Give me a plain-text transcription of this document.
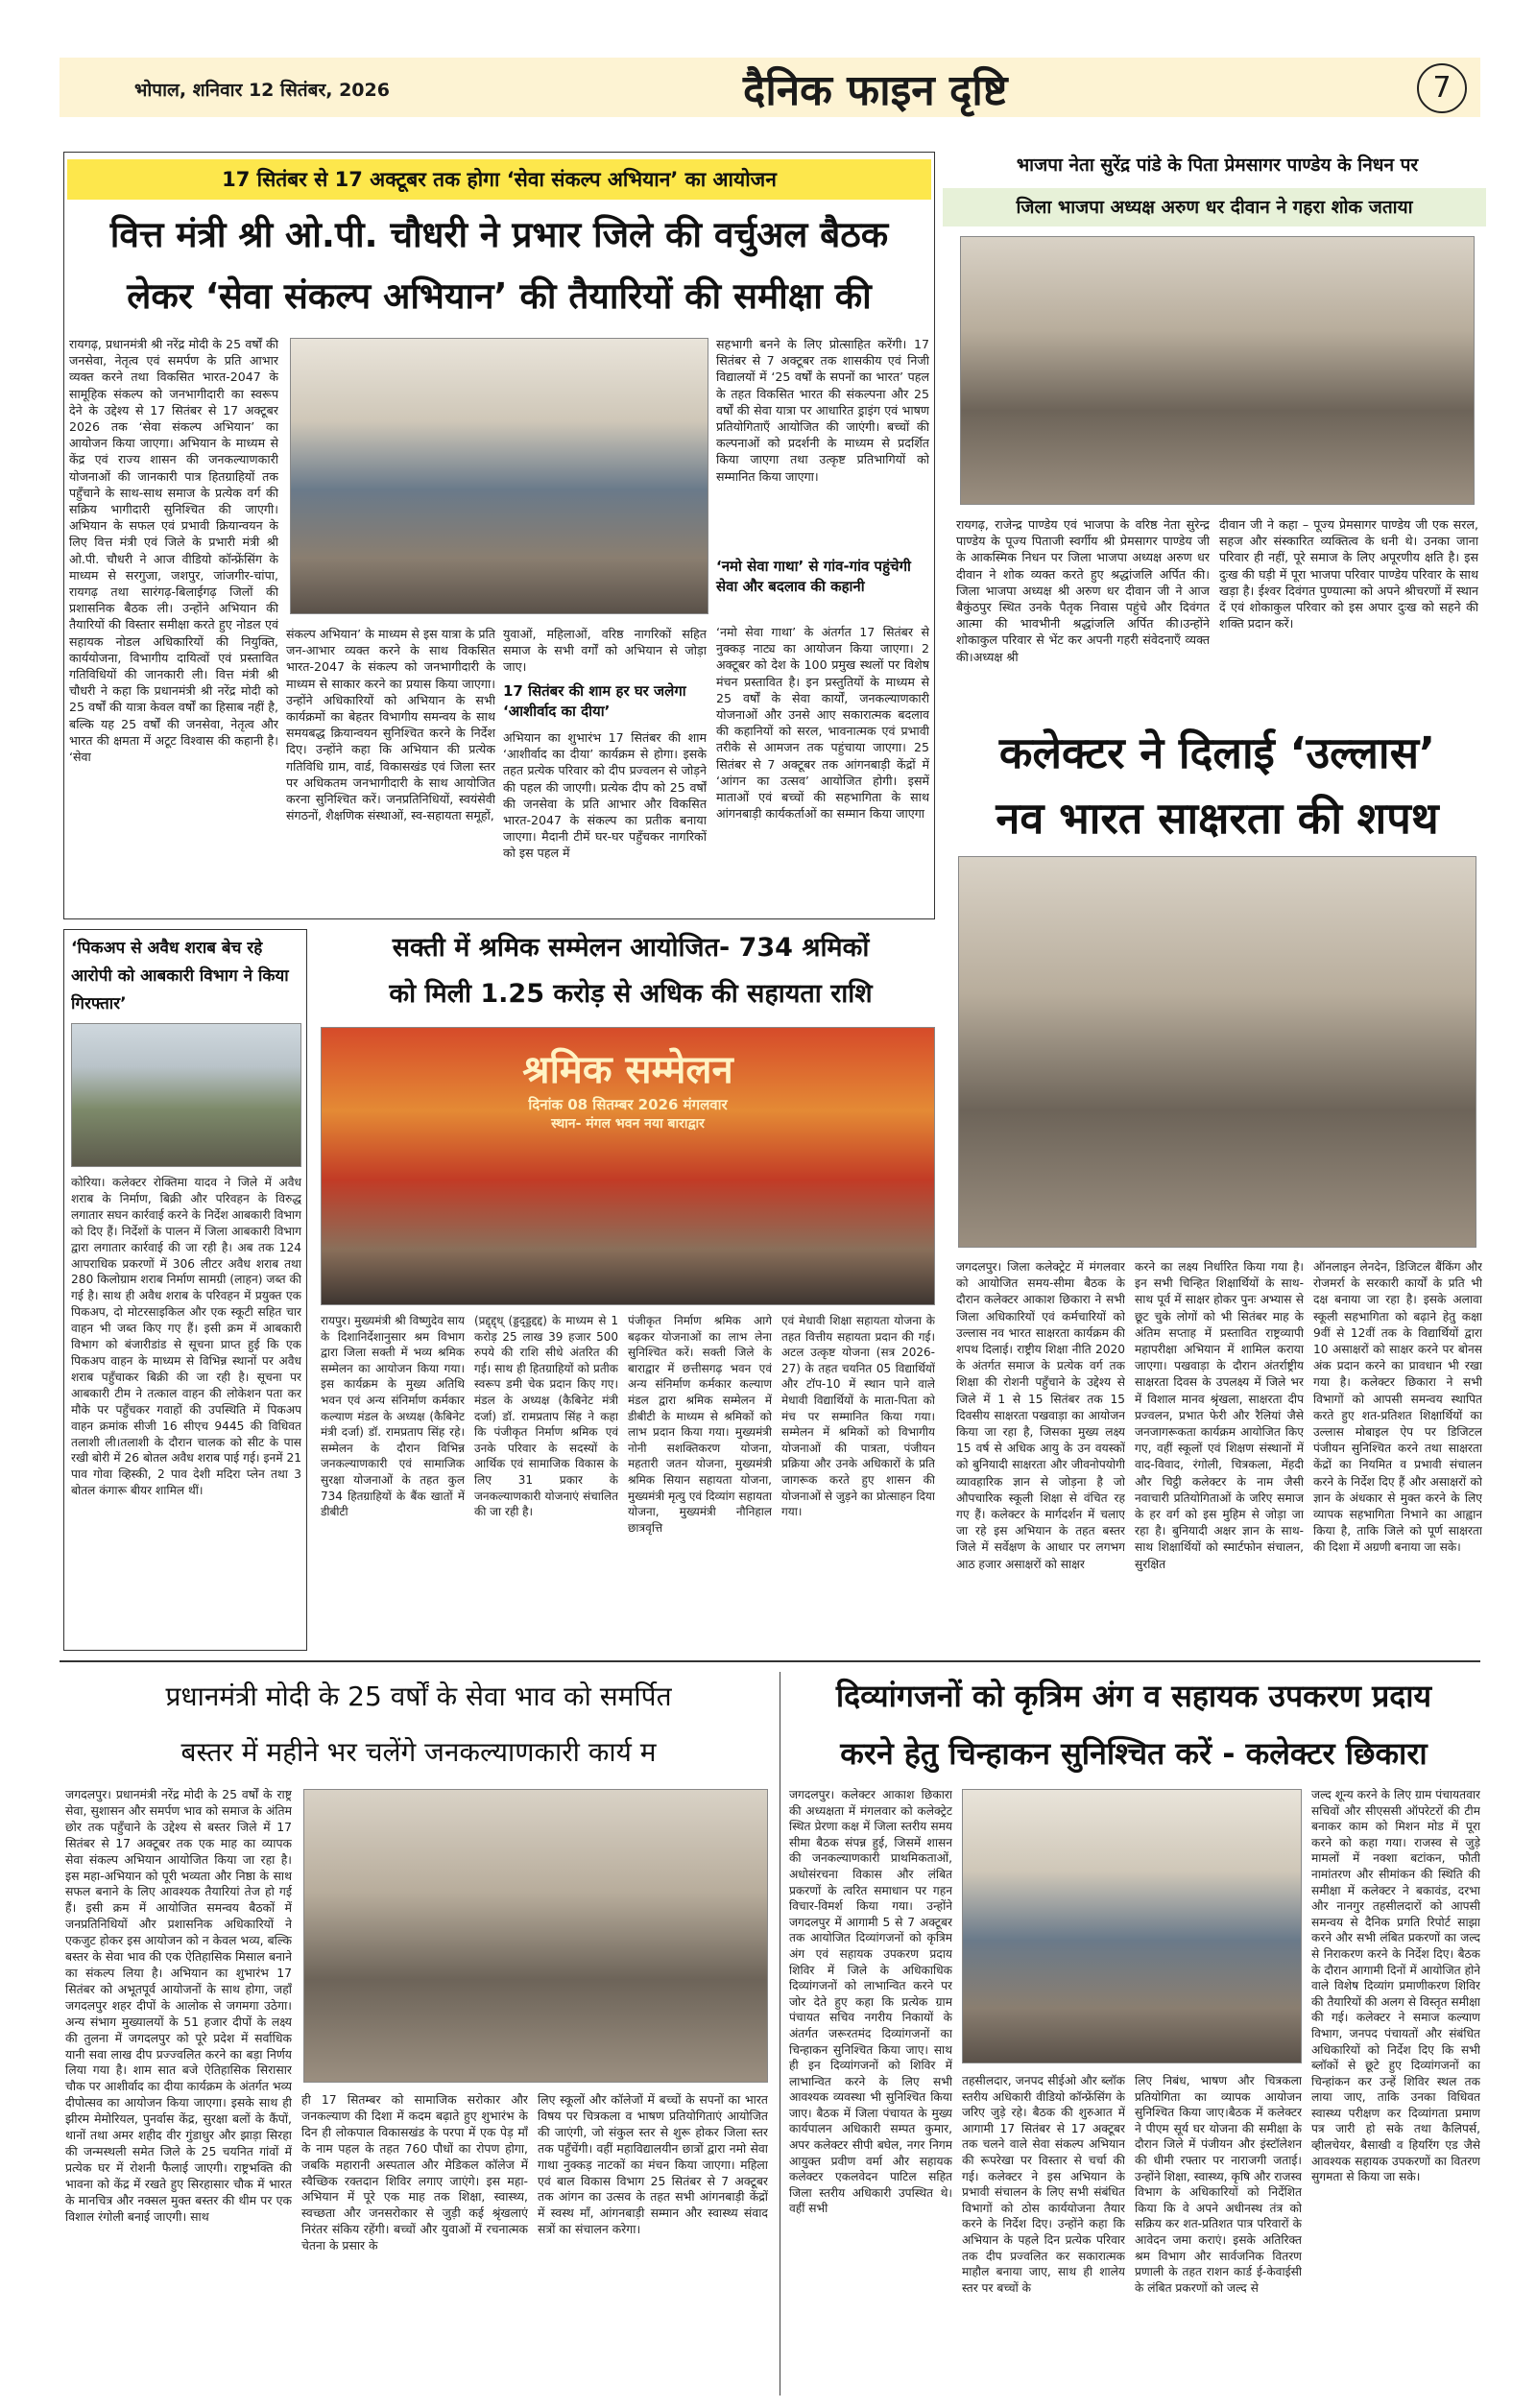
भोपाल, शनिवार 12 सितंबर, 2026	दैनिक फाइन दृष्टि	7
17 सितंबर से 17 अक्टूबर तक होगा ‘सेवा संकल्प अभियान’ का आयोजन
वित्त मंत्री श्री ओ.पी. चौधरी ने प्रभार जिले की वर्चुअल बैठक
लेकर ‘सेवा संकल्प अभियान’ की तैयारियों की समीक्षा की
रायगढ़, प्रधानमंत्री श्री नरेंद्र मोदी के 25 वर्षों की जनसेवा, नेतृत्व एवं समर्पण के प्रति आभार व्यक्त करने तथा विकसित भारत-2047 के सामूहिक संकल्प को जनभागीदारी का स्वरूप देने के उद्देश्य से 17 सितंबर से 17 अक्टूबर 2026 तक ‘सेवा संकल्प अभियान’ का आयोजन किया जाएगा। अभियान के माध्यम से केंद्र एवं राज्य शासन की जनकल्याणकारी योजनाओं की जानकारी पात्र हितग्राहियों तक पहुँचाने के साथ-साथ समाज के प्रत्येक वर्ग की सक्रिय भागीदारी सुनिश्चित की जाएगी। अभियान के सफल एवं प्रभावी क्रियान्वयन के लिए वित्त मंत्री एवं जिले के प्रभारी मंत्री श्री ओ.पी. चौधरी ने आज वीडियो कॉन्फ्रेंसिंग के माध्यम से सरगुजा, जशपुर, जांजगीर-चांपा, रायगढ़ तथा सारंगढ़-बिलाईगढ़ जिलों की प्रशासनिक बैठक ली। उन्होंने अभियान की तैयारियों की विस्तार समीक्षा करते हुए नोडल एवं सहायक नोडल अधिकारियों की नियुक्ति, कार्ययोजना, विभागीय दायित्वों एवं प्रस्तावित गतिविधियों की जानकारी ली। वित्त मंत्री श्री चौधरी ने कहा कि प्रधानमंत्री श्री नरेंद्र मोदी को 25 वर्षों की यात्रा केवल वर्षों का हिसाब नहीं है, बल्कि यह 25 वर्षों की जनसेवा, नेतृत्व और भारत की क्षमता में अटूट विश्वास की कहानी है। ‘सेवा
संकल्प अभियान’ के माध्यम से इस यात्रा के प्रति जन-आभार व्यक्त करने के साथ विकसित भारत-2047 के संकल्प को जनभागीदारी के माध्यम से साकार करने का प्रयास किया जाएगा। उन्होंने अधिकारियों को अभियान के सभी कार्यक्रमों का बेहतर विभागीय समन्वय के साथ समयबद्ध क्रियान्वयन सुनिश्चित करने के निर्देश दिए। उन्होंने कहा कि अभियान की प्रत्येक गतिविधि ग्राम, वार्ड, विकासखंड एवं जिला स्तर पर अधिकतम जनभागीदारी के साथ आयोजित करना सुनिश्चित करें। जनप्रतिनिधियों, स्वयंसेवी संगठनों, शैक्षणिक संस्थाओं, स्व-सहायता समूहों,
युवाओं, महिलाओं, वरिष्ठ नागरिकों सहित समाज के सभी वर्गों को अभियान से जोड़ा जाए।
17 सितंबर की शाम हर घर जलेगा ‘आशीर्वाद का दीया’
अभियान का शुभारंभ 17 सितंबर की शाम ‘आशीर्वाद का दीया’ कार्यक्रम से होगा। इसके तहत प्रत्येक परिवार को दीप प्रज्वलन से जोड़ने की पहल की जाएगी। प्रत्येक दीप को 25 वर्षों की जनसेवा के प्रति आभार और विकसित भारत-2047 के संकल्प का प्रतीक बनाया जाएगा। मैदानी टीमें घर-घर पहुँचकर नागरिकों को इस पहल में
सहभागी बनने के लिए प्रोत्साहित करेंगी। 17 सितंबर से 7 अक्टूबर तक शासकीय एवं निजी विद्यालयों में ‘25 वर्षों के सपनों का भारत’ पहल के तहत विकसित भारत की संकल्पना और 25 वर्षों की सेवा यात्रा पर आधारित ड्राइंग एवं भाषण प्रतियोगिताएँ आयोजित की जाएंगी। बच्चों की कल्पनाओं को प्रदर्शनी के माध्यम से प्रदर्शित किया जाएगा तथा उत्कृष्ट प्रतिभागियों को सम्मानित किया जाएगा।
‘नमो सेवा गाथा’ से गांव-गांव पहुंचेगी सेवा और बदलाव की कहानी
‘नमो सेवा गाथा’ के अंतर्गत 17 सितंबर से नुक्कड़ नाट्य का आयोजन किया जाएगा। 2 अक्टूबर को देश के 100 प्रमुख स्थलों पर विशेष मंचन प्रस्तावित है। इन प्रस्तुतियों के माध्यम से 25 वर्षों के सेवा कार्यों, जनकल्याणकारी योजनाओं और उनसे आए सकारात्मक बदलाव की कहानियों को सरल, भावनात्मक एवं प्रभावी तरीके से आमजन तक पहुंचाया जाएगा। 25 सितंबर से 7 अक्टूबर तक आंगनबाड़ी केंद्रों में ‘आंगन का उत्सव’ आयोजित होगी। इसमें माताओं एवं बच्चों की सहभागिता के साथ आंगनबाड़ी कार्यकर्ताओं का सम्मान किया जाएगा
भाजपा नेता सुरेंद्र पांडे के पिता प्रेमसागर पाण्डेय के निधन पर
जिला भाजपा अध्यक्ष अरुण धर दीवान ने गहरा शोक जताया
रायगढ़, राजेन्द्र पाण्डेय एवं भाजपा के वरिष्ठ नेता सुरेन्द्र पाण्डेय के पूज्य पिताजी स्वर्गीय श्री प्रेमसागर पाण्डेय जी के आकस्मिक निधन पर जिला भाजपा अध्यक्ष अरुण धर दीवान ने शोक व्यक्त करते हुए श्रद्धांजलि अर्पित की। जिला भाजपा अध्यक्ष श्री अरुण धर दीवान जी ने आज बैकुंठपुर स्थित उनके पैतृक निवास पहुंचे और दिवंगत आत्मा की भावभीनी श्रद्धांजलि अर्पित की।उन्होंने शोकाकुल परिवार से भेंट कर अपनी गहरी संवेदनाएँ व्यक्त की।अध्यक्ष श्री
दीवान जी ने कहा – पूज्य प्रेमसागर पाण्डेय जी एक सरल, सहज और संस्कारित व्यक्तित्व के धनी थे। उनका जाना परिवार ही नहीं, पूरे समाज के लिए अपूरणीय क्षति है। इस दुःख की घड़ी में पूरा भाजपा परिवार पाण्डेय परिवार के साथ खड़ा है। ईश्वर दिवंगत पुण्यात्मा को अपने श्रीचरणों में स्थान दें एवं शोकाकुल परिवार को इस अपार दुःख को सहने की शक्ति प्रदान करें।
कलेक्टर ने दिलाई ‘उल्लास’
नव भारत साक्षरता की शपथ
जगदलपुर। जिला कलेक्ट्रेट में मंगलवार को आयोजित समय-सीमा बैठक के दौरान कलेक्टर आकाश छिकारा ने सभी जिला अधिकारियों एवं कर्मचारियों को उल्लास नव भारत साक्षरता कार्यक्रम की शपथ दिलाई। राष्ट्रीय शिक्षा नीति 2020 के अंतर्गत समाज के प्रत्येक वर्ग तक शिक्षा की रोशनी पहुँचाने के उद्देश्य से जिले में 1 से 15 सितंबर तक 15 दिवसीय साक्षरता पखवाड़ा का आयोजन किया जा रहा है, जिसका मुख्य लक्ष्य 15 वर्ष से अधिक आयु के उन वयस्कों को बुनियादी साक्षरता और जीवनोपयोगी व्यावहारिक ज्ञान से जोड़ना है जो औपचारिक स्कूली शिक्षा से वंचित रह गए हैं। कलेक्टर के मार्गदर्शन में चलाए जा रहे इस अभियान के तहत बस्तर जिले में सर्वेक्षण के आधार पर लगभग आठ हजार असाक्षरों को साक्षर
करने का लक्ष्य निर्धारित किया गया है। इन सभी चिन्हित शिक्षार्थियों के साथ-साथ पूर्व में साक्षर होकर पुनः अभ्यास से छूट चुके लोगों को भी सितंबर माह के अंतिम सप्ताह में प्रस्तावित राष्ट्रव्यापी महापरीक्षा अभियान में शामिल कराया जाएगा। पखवाड़ा के दौरान अंतर्राष्ट्रीय साक्षरता दिवस के उपलक्ष्य में जिले भर में विशाल मानव श्रृंखला, साक्षरता दीप प्रज्वलन, प्रभात फेरी और रैलियां जैसे जनजागरूकता कार्यक्रम आयोजित किए गए, वहीं स्कूलों एवं शिक्षण संस्थानों में वाद-विवाद, रंगोली, चित्रकला, मेंहदी और चिट्ठी कलेक्टर के नाम जैसी नवाचारी प्रतियोगिताओं के जरिए समाज के हर वर्ग को इस मुहिम से जोड़ा जा रहा है। बुनियादी अक्षर ज्ञान के साथ-साथ शिक्षार्थियों को स्मार्टफोन संचालन, सुरक्षित
ऑनलाइन लेनदेन, डिजिटल बैंकिंग और रोजमर्रा के सरकारी कार्यों के प्रति भी दक्ष बनाया जा रहा है। इसके अलावा स्कूली सहभागिता को बढ़ाने हेतु कक्षा 9वीं से 12वीं तक के विद्यार्थियों द्वारा 10 असाक्षरों को साक्षर करने पर बोनस अंक प्रदान करने का प्रावधान भी रखा गया है। कलेक्टर छिकारा ने सभी विभागों को आपसी समन्वय स्थापित करते हुए शत-प्रतिशत शिक्षार्थियों का उल्लास मोबाइल ऐप पर डिजिटल पंजीयन सुनिश्चित करने तथा साक्षरता केंद्रों का नियमित व प्रभावी संचालन करने के निर्देश दिए हैं और असाक्षरों को ज्ञान के अंधकार से मुक्त करने के लिए व्यापक सहभागिता निभाने का आह्वान किया है, ताकि जिले को पूर्ण साक्षरता की दिशा में अग्रणी बनाया जा सके।
‘पिकअप से अवैध शराब बेच रहे आरोपी को आबकारी विभाग ने किया गिरफ्तार’
कोरिया। कलेक्टर रोक्तिमा यादव ने जिले में अवैध शराब के निर्माण, बिक्री और परिवहन के विरुद्ध लगातार सघन कार्रवाई करने के निर्देश आबकारी विभाग को दिए हैं। निर्देशों के पालन में जिला आबकारी विभाग द्वारा लगातार कार्रवाई की जा रही है। अब तक 124 आपराधिक प्रकरणों में 306 लीटर अवैध शराब तथा 280 किलोग्राम शराब निर्माण सामग्री (लाहन) जब्त की गई है। साथ ही अवैध शराब के परिवहन में प्रयुक्त एक पिकअप, दो मोटरसाइकिल और एक स्कूटी सहित चार वाहन भी जब्त किए गए हैं। इसी क्रम में आबकारी विभाग को बंजारीडांड से सूचना प्राप्त हुई कि एक पिकअप वाहन के माध्यम से विभिन्न स्थानों पर अवैध शराब पहुँचाकर बिक्री की जा रही है। सूचना पर आबकारी टीम ने तत्काल वाहन की लोकेशन पता कर मौके पर पहुँचकर गवाहों की उपस्थिति में पिकअप वाहन क्रमांक सीजी 16 सीएच 9445 की विधिवत तलाशी ली।तलाशी के दौरान चालक को सीट के पास रखी बोरी में 26 बोतल अवैध शराब पाई गई। इनमें 21 पाव गोवा व्हिस्की, 2 पाव देशी मदिरा प्लेन तथा 3 बोतल कंगारू बीयर शामिल थीं।
सक्ती में श्रमिक सम्मेलन आयोजित- 734 श्रमिकों
को मिली 1.25 करोड़ से अधिक की सहायता राशि
श्रमिक सम्मेलन
दिनांक 08 सितम्बर 2026 मंगलवार
स्थान- मंगल भवन नया बाराद्वार
रायपुर। मुख्यमंत्री श्री विष्णुदेव साय के दिशानिर्देशानुसार श्रम विभाग द्वारा जिला सक्ती में भव्य श्रमिक सम्मेलन का आयोजन किया गया। इस कार्यक्रम के मुख्य अतिथि भवन एवं अन्य संनिर्माण कर्मकार कल्याण मंडल के अध्यक्ष (कैबिनेट मंत्री दर्जा) डॉ. रामप्रताप सिंह रहे। सम्मेलन के दौरान विभिन्न जनकल्याणकारी एवं सामाजिक सुरक्षा योजनाओं के तहत कुल 734 हितग्राहियों के बैंक खातों में डीबीटी
(प्रद्द्द्द्ध् (ड्डद्ड्डद्दद्द) के माध्यम से 1 करोड़ 25 लाख 39 हजार 500 रुपये की राशि सीधे अंतरित की गई। साथ ही हितग्राहियों को प्रतीक स्वरूप डमी चेक प्रदान किए गए। मंडल के अध्यक्ष (कैबिनेट मंत्री दर्जा) डॉ. रामप्रताप सिंह ने कहा कि पंजीकृत निर्माण श्रमिक एवं उनके परिवार के सदस्यों के आर्थिक एवं सामाजिक विकास के लिए 31 प्रकार के जनकल्याणकारी योजनाएं संचालित की जा रही है।
पंजीकृत निर्माण श्रमिक आगे बढ़कर योजनाओं का लाभ लेना सुनिश्चित करें। सक्ती जिले के बाराद्वार में छत्तीसगढ़ भवन एवं अन्य संनिर्माण कर्मकार कल्याण मंडल द्वारा श्रमिक सम्मेलन में डीबीटी के माध्यम से श्रमिकों को लाभ प्रदान किया गया। मुख्यमंत्री नोनी सशक्तिकरण योजना, महतारी जतन योजना, मुख्यमंत्री श्रमिक सियान सहायता योजना, मुख्यमंत्री मृत्यु एवं दिव्यांग सहायता योजना, मुख्यमंत्री नौनिहाल छात्रवृत्ति
एवं मेधावी शिक्षा सहायता योजना के तहत वित्तीय सहायता प्रदान की गई। अटल उत्कृष्ट योजना (सत्र 2026-27) के तहत चयनित 05 विद्यार्थियों और टॉप-10 में स्थान पाने वाले मेधावी विद्यार्थियों के माता-पिता को मंच पर सम्मानित किया गया। सम्मेलन में श्रमिकों को विभागीय योजनाओं की पात्रता, पंजीयन प्रक्रिया और उनके अधिकारों के प्रति जागरूक करते हुए शासन की योजनाओं से जुड़ने का प्रोत्साहन दिया गया।
प्रधानमंत्री मोदी के 25 वर्षों के सेवा भाव को समर्पित
बस्तर में महीने भर चलेंगे जनकल्याणकारी कार्य म
जगदलपुर। प्रधानमंत्री नरेंद्र मोदी के 25 वर्षों के राष्ट्र सेवा, सुशासन और समर्पण भाव को समाज के अंतिम छोर तक पहुँचाने के उद्देश्य से बस्तर जिले में 17 सितंबर से 17 अक्टूबर तक एक माह का व्यापक सेवा संकल्प अभियान आयोजित किया जा रहा है। इस महा-अभियान को पूरी भव्यता और निष्ठा के साथ सफल बनाने के लिए आवश्यक तैयारियां तेज हो गई हैं। इसी क्रम में आयोजित समन्वय बैठकों में जनप्रतिनिधियों और प्रशासनिक अधिकारियों ने एकजुट होकर इस आयोजन को न केवल भव्य, बल्कि बस्तर के सेवा भाव की एक ऐतिहासिक मिसाल बनाने का संकल्प लिया है। अभियान का शुभारंभ 17 सितंबर को अभूतपूर्व आयोजनों के साथ होगा, जहाँ जगदलपुर शहर दीपों के आलोक से जगमगा उठेगा। अन्य संभाग मुख्यालयों के 51 हजार दीपों के लक्ष्य की तुलना में जगदलपुर को पूरे प्रदेश में सर्वाधिक यानी सवा लाख दीप प्रज्ज्वलित करने का बड़ा निर्णय लिया गया है। शाम सात बजे ऐतिहासिक सिरासार चौक पर आशीर्वाद का दीया कार्यक्रम के अंतर्गत भव्य दीपोत्सव का आयोजन किया जाएगा। इसके साथ ही झीरम मेमोरियल, पुनर्वास केंद्र, सुरक्षा बलों के कैंपों, थानों तथा अमर शहीद वीर गुंडाधुर और झाड़ा सिरहा की जन्मस्थली समेत जिले के 25 चयनित गांवों में प्रत्येक घर में रोशनी फैलाई जाएगी। राष्ट्रभक्ति की भावना को केंद्र में रखते हुए सिरहासार चौक में भारत के मानचित्र और नक्सल मुक्त बस्तर की थीम पर एक विशाल रंगोली बनाई जाएगी। साथ
ही 17 सितम्बर को सामाजिक सरोकार और जनकल्याण की दिशा में कदम बढ़ाते हुए शुभारंभ के दिन ही लोकपाल विकासखंड के परपा में एक पेड़ माँ के नाम पहल के तहत 760 पौधों का रोपण होगा, जबकि महारानी अस्पताल और मेडिकल कॉलेज में स्वैच्छिक रक्तदान शिविर लगाए जाएंगे। इस महा-अभियान में पूरे एक माह तक शिक्षा, स्वास्थ्य, स्वच्छता और जनसरोकार से जुड़ी कई श्रृंखलाएं निरंतर संकिय रहेंगी। बच्चों और युवाओं में रचनात्मक चेतना के प्रसार के
लिए स्कूलों और कॉलेजों में बच्चों के सपनों का भारत विषय पर चित्रकला व भाषण प्रतियोगिताएं आयोजित की जाएंगी, जो संकुल स्तर से शुरू होकर जिला स्तर तक पहुँचेंगी। वहीं महाविद्यालयीन छात्रों द्वारा नमो सेवा गाथा नुक्कड़ नाटकों का मंचन किया जाएगा। महिला एवं बाल विकास विभाग 25 सितंबर से 7 अक्टूबर तक आंगन का उत्सव के तहत सभी आंगनबाड़ी केंद्रों में स्वस्थ माँ, आंगनबाड़ी सम्मान और स्वास्थ्य संवाद सत्रों का संचालन करेगा।
दिव्यांगजनों को कृत्रिम अंग व सहायक उपकरण प्रदाय
करने हेतु चिन्हाकन सुनिश्चित करें - कलेक्टर छिकारा
जगदलपुर। कलेक्टर आकाश छिकारा की अध्यक्षता में मंगलवार को कलेक्ट्रेट स्थित प्रेरणा कक्ष में जिला स्तरीय समय सीमा बैठक संपन्न हुई, जिसमें शासन की जनकल्याणकारी प्राथमिकताओं, अधोसंरचना विकास और लंबित प्रकरणों के त्वरित समाधान पर गहन विचार-विमर्श किया गया। उन्होंने जगदलपुर में आगामी 5 से 7 अक्टूबर तक आयोजित दिव्यांगजनों को कृत्रिम अंग एवं सहायक उपकरण प्रदाय शिविर में जिले के अधिकाधिक दिव्यांगजनों को लाभान्वित करने पर जोर देते हुए कहा कि प्रत्येक ग्राम पंचायत सचिव नगरीय निकायों के अंतर्गत जरूरतमंद दिव्यांगजनों का चिन्हाकन सुनिश्चित किया जाए। साथ ही इन दिव्यांगजनों को शिविर में लाभान्वित करने के लिए सभी आवश्यक व्यवस्था भी सुनिश्चित किया जाए। बैठक में जिला पंचायत के मुख्य कार्यपालन अधिकारी सम्पत कुमार, अपर कलेक्टर सीपी बघेल, नगर निगम आयुक्त प्रवीण वर्मा और सहायक कलेक्टर एकलवेदन पाटिल सहित जिला स्तरीय अधिकारी उपस्थित थे। वहीं सभी
तहसीलदार, जनपद सीईओ और ब्लॉक स्तरीय अधिकारी वीडियो कॉन्फ्रेंसिंग के जरिए जुड़े रहे। बैठक की शुरुआत में आगामी 17 सितंबर से 17 अक्टूबर तक चलने वाले सेवा संकल्प अभियान की रूपरेखा पर विस्तार से चर्चा की गई। कलेक्टर ने इस अभियान के प्रभावी संचालन के लिए सभी संबंधित विभागों को ठोस कार्ययोजना तैयार करने के निर्देश दिए। उन्होंने कहा कि अभियान के पहले दिन प्रत्येक परिवार तक दीप प्रज्वलित कर सकारात्मक माहौल बनाया जाए, साथ ही शालेय स्तर पर बच्चों के
लिए निबंध, भाषण और चित्रकला प्रतियोगिता का व्यापक आयोजन सुनिश्चित किया जाए।बैठक में कलेक्टर ने पीएम सूर्य घर योजना की समीक्षा के दौरान जिले में पंजीयन और इंस्टॉलेशन की धीमी रफ्तार पर नाराजगी जताई। उन्होंने शिक्षा, स्वास्थ्य, कृषि और राजस्व विभाग के अधिकारियों को निर्देशित किया कि वे अपने अधीनस्थ तंत्र को सक्रिय कर शत-प्रतिशत पात्र परिवारों के आवेदन जमा कराएं। इसके अतिरिक्त श्रम विभाग और सार्वजनिक वितरण प्रणाली के तहत राशन कार्ड ई-केवाईसी के लंबित प्रकरणों को जल्द से
जल्द शून्य करने के लिए ग्राम पंचायतवार सचिवों और सीएससी ऑपरेटरों की टीम बनाकर काम को मिशन मोड में पूरा करने को कहा गया। राजस्व से जुड़े मामलों में नक्शा बटांकन, फौती नामांतरण और सीमांकन की स्थिति की समीक्षा में कलेक्टर ने बकावंड, दरभा और नानगुर तहसीलदारों को आपसी समन्वय से दैनिक प्रगति रिपोर्ट साझा करने और सभी लंबित प्रकरणों का जल्द से निराकरण करने के निर्देश दिए। बैठक के दौरान आगामी दिनों में आयोजित होने वाले विशेष दिव्यांग प्रमाणीकरण शिविर की तैयारियों की अलग से विस्तृत समीक्षा की गई। कलेक्टर ने समाज कल्याण विभाग, जनपद पंचायतों और संबंधित अधिकारियों को निर्देश दिए कि सभी ब्लॉकों से छूटे हुए दिव्यांगजनों का चिन्हांकन कर उन्हें शिविर स्थल तक लाया जाए, ताकि उनका विधिवत स्वास्थ्य परीक्षण कर दिव्यांगता प्रमाण पत्र जारी हो सके तथा कैलिपर्स, व्हीलचेयर, बैसाखी व हियरिंग एड जैसे आवश्यक सहायक उपकरणों का वितरण सुगमता से किया जा सके।
